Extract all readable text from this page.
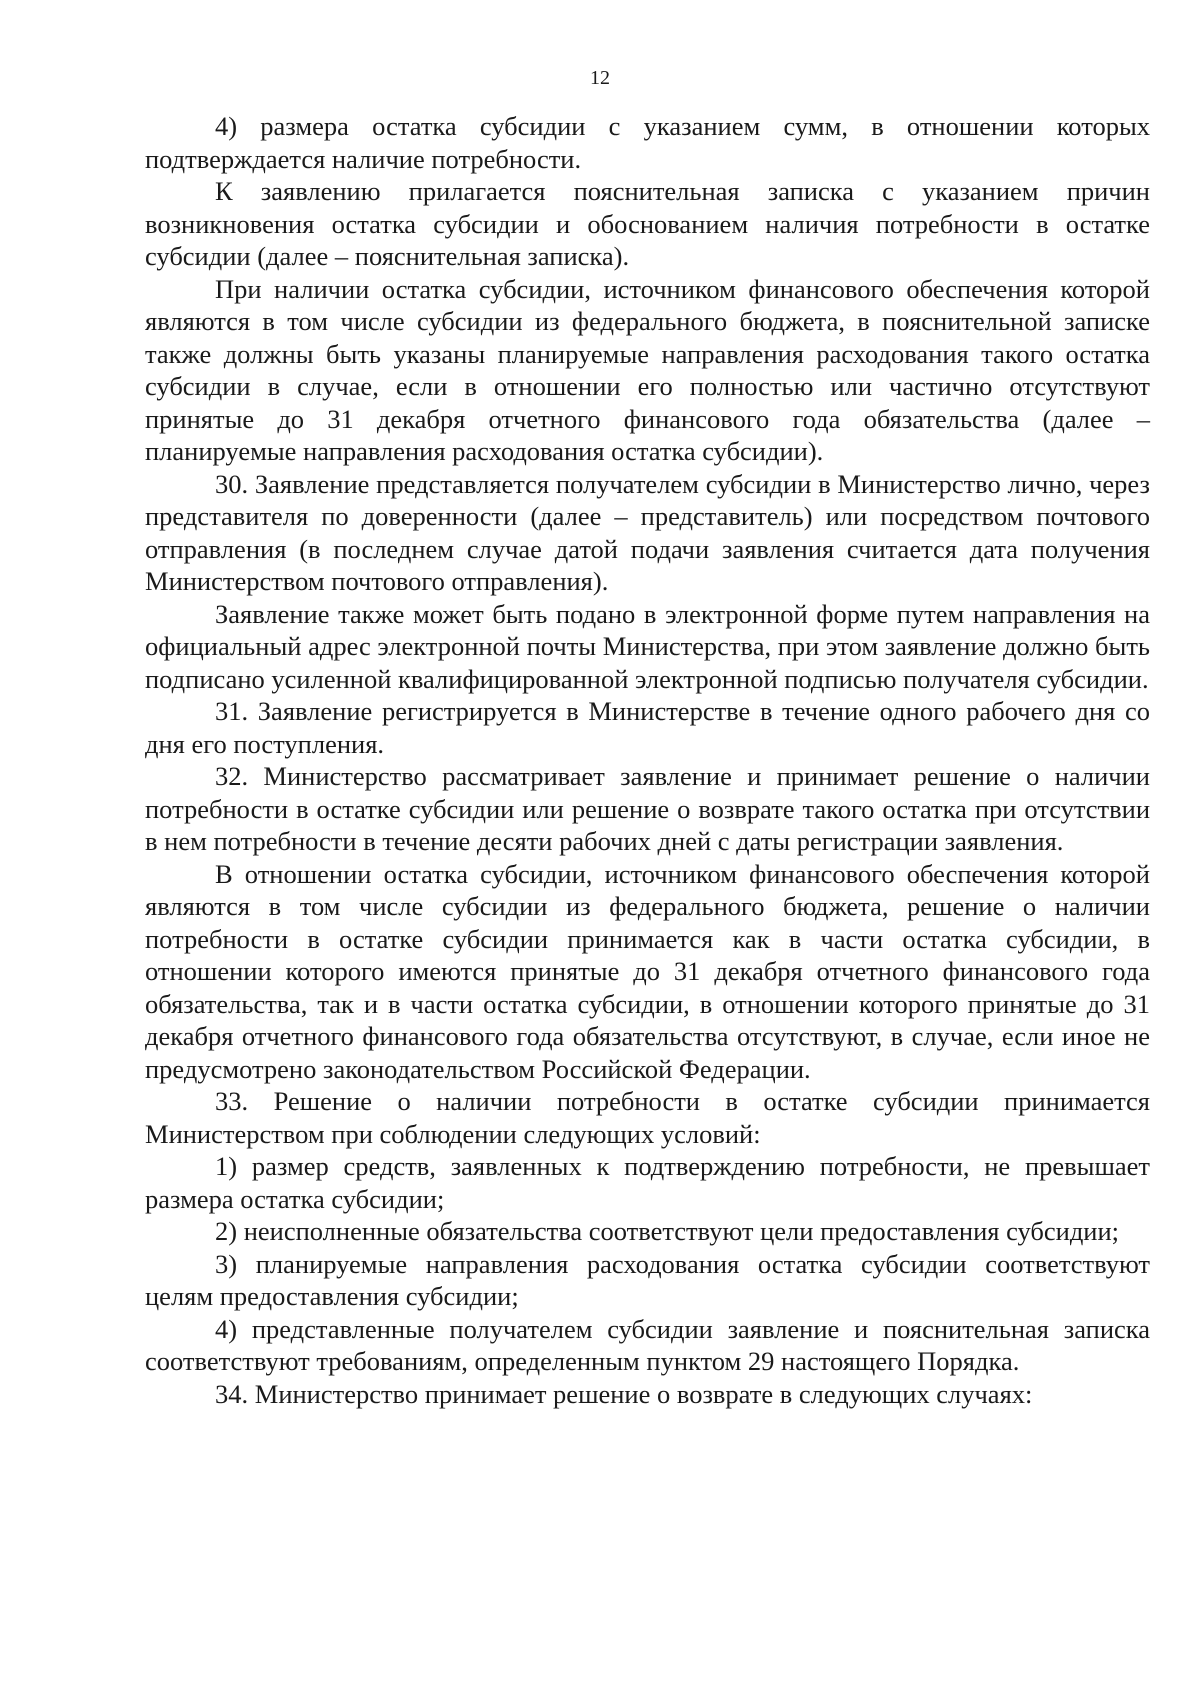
12

4) размера остатка субсидии с указанием сумм, в отношении которых подтверждается наличие потребности.

К заявлению прилагается пояснительная записка с указанием причин возникновения остатка субсидии и обоснованием наличия потребности в остатке субсидии (далее – пояснительная записка).

При наличии остатка субсидии, источником финансового обеспечения которой являются в том числе субсидии из федерального бюджета, в пояснительной записке также должны быть указаны планируемые направления расходования такого остатка субсидии в случае, если в отношении его полностью или частично отсутствуют принятые до 31 декабря отчетного финансового года обязательства (далее – планируемые направления расходования остатка субсидии).

30. Заявление представляется получателем субсидии в Министерство лично, через представителя по доверенности (далее – представитель) или посредством почтового отправления (в последнем случае датой подачи заявления считается дата получения Министерством почтового отправления).

Заявление также может быть подано в электронной форме путем направления на официальный адрес электронной почты Министерства, при этом заявление должно быть подписано усиленной квалифицированной электронной подписью получателя субсидии.

31. Заявление регистрируется в Министерстве в течение одного рабочего дня со дня его поступления.

32. Министерство рассматривает заявление и принимает решение о наличии потребности в остатке субсидии или решение о возврате такого остатка при отсутствии в нем потребности в течение десяти рабочих дней с даты регистрации заявления.

В отношении остатка субсидии, источником финансового обеспечения которой являются в том числе субсидии из федерального бюджета, решение о наличии потребности в остатке субсидии принимается как в части остатка субсидии, в отношении которого имеются принятые до 31 декабря отчетного финансового года обязательства, так и в части остатка субсидии, в отношении которого принятые до 31 декабря отчетного финансового года обязательства отсутствуют, в случае, если иное не предусмотрено законодательством Российской Федерации.

33. Решение о наличии потребности в остатке субсидии принимается Министерством при соблюдении следующих условий:

1) размер средств, заявленных к подтверждению потребности, не превышает размера остатка субсидии;

2) неисполненные обязательства соответствуют цели предоставления субсидии;

3) планируемые направления расходования остатка субсидии соответствуют целям предоставления субсидии;

4) представленные получателем субсидии заявление и пояснительная записка соответствуют требованиям, определенным пунктом 29 настоящего Порядка.

34. Министерство принимает решение о возврате в следующих случаях:
